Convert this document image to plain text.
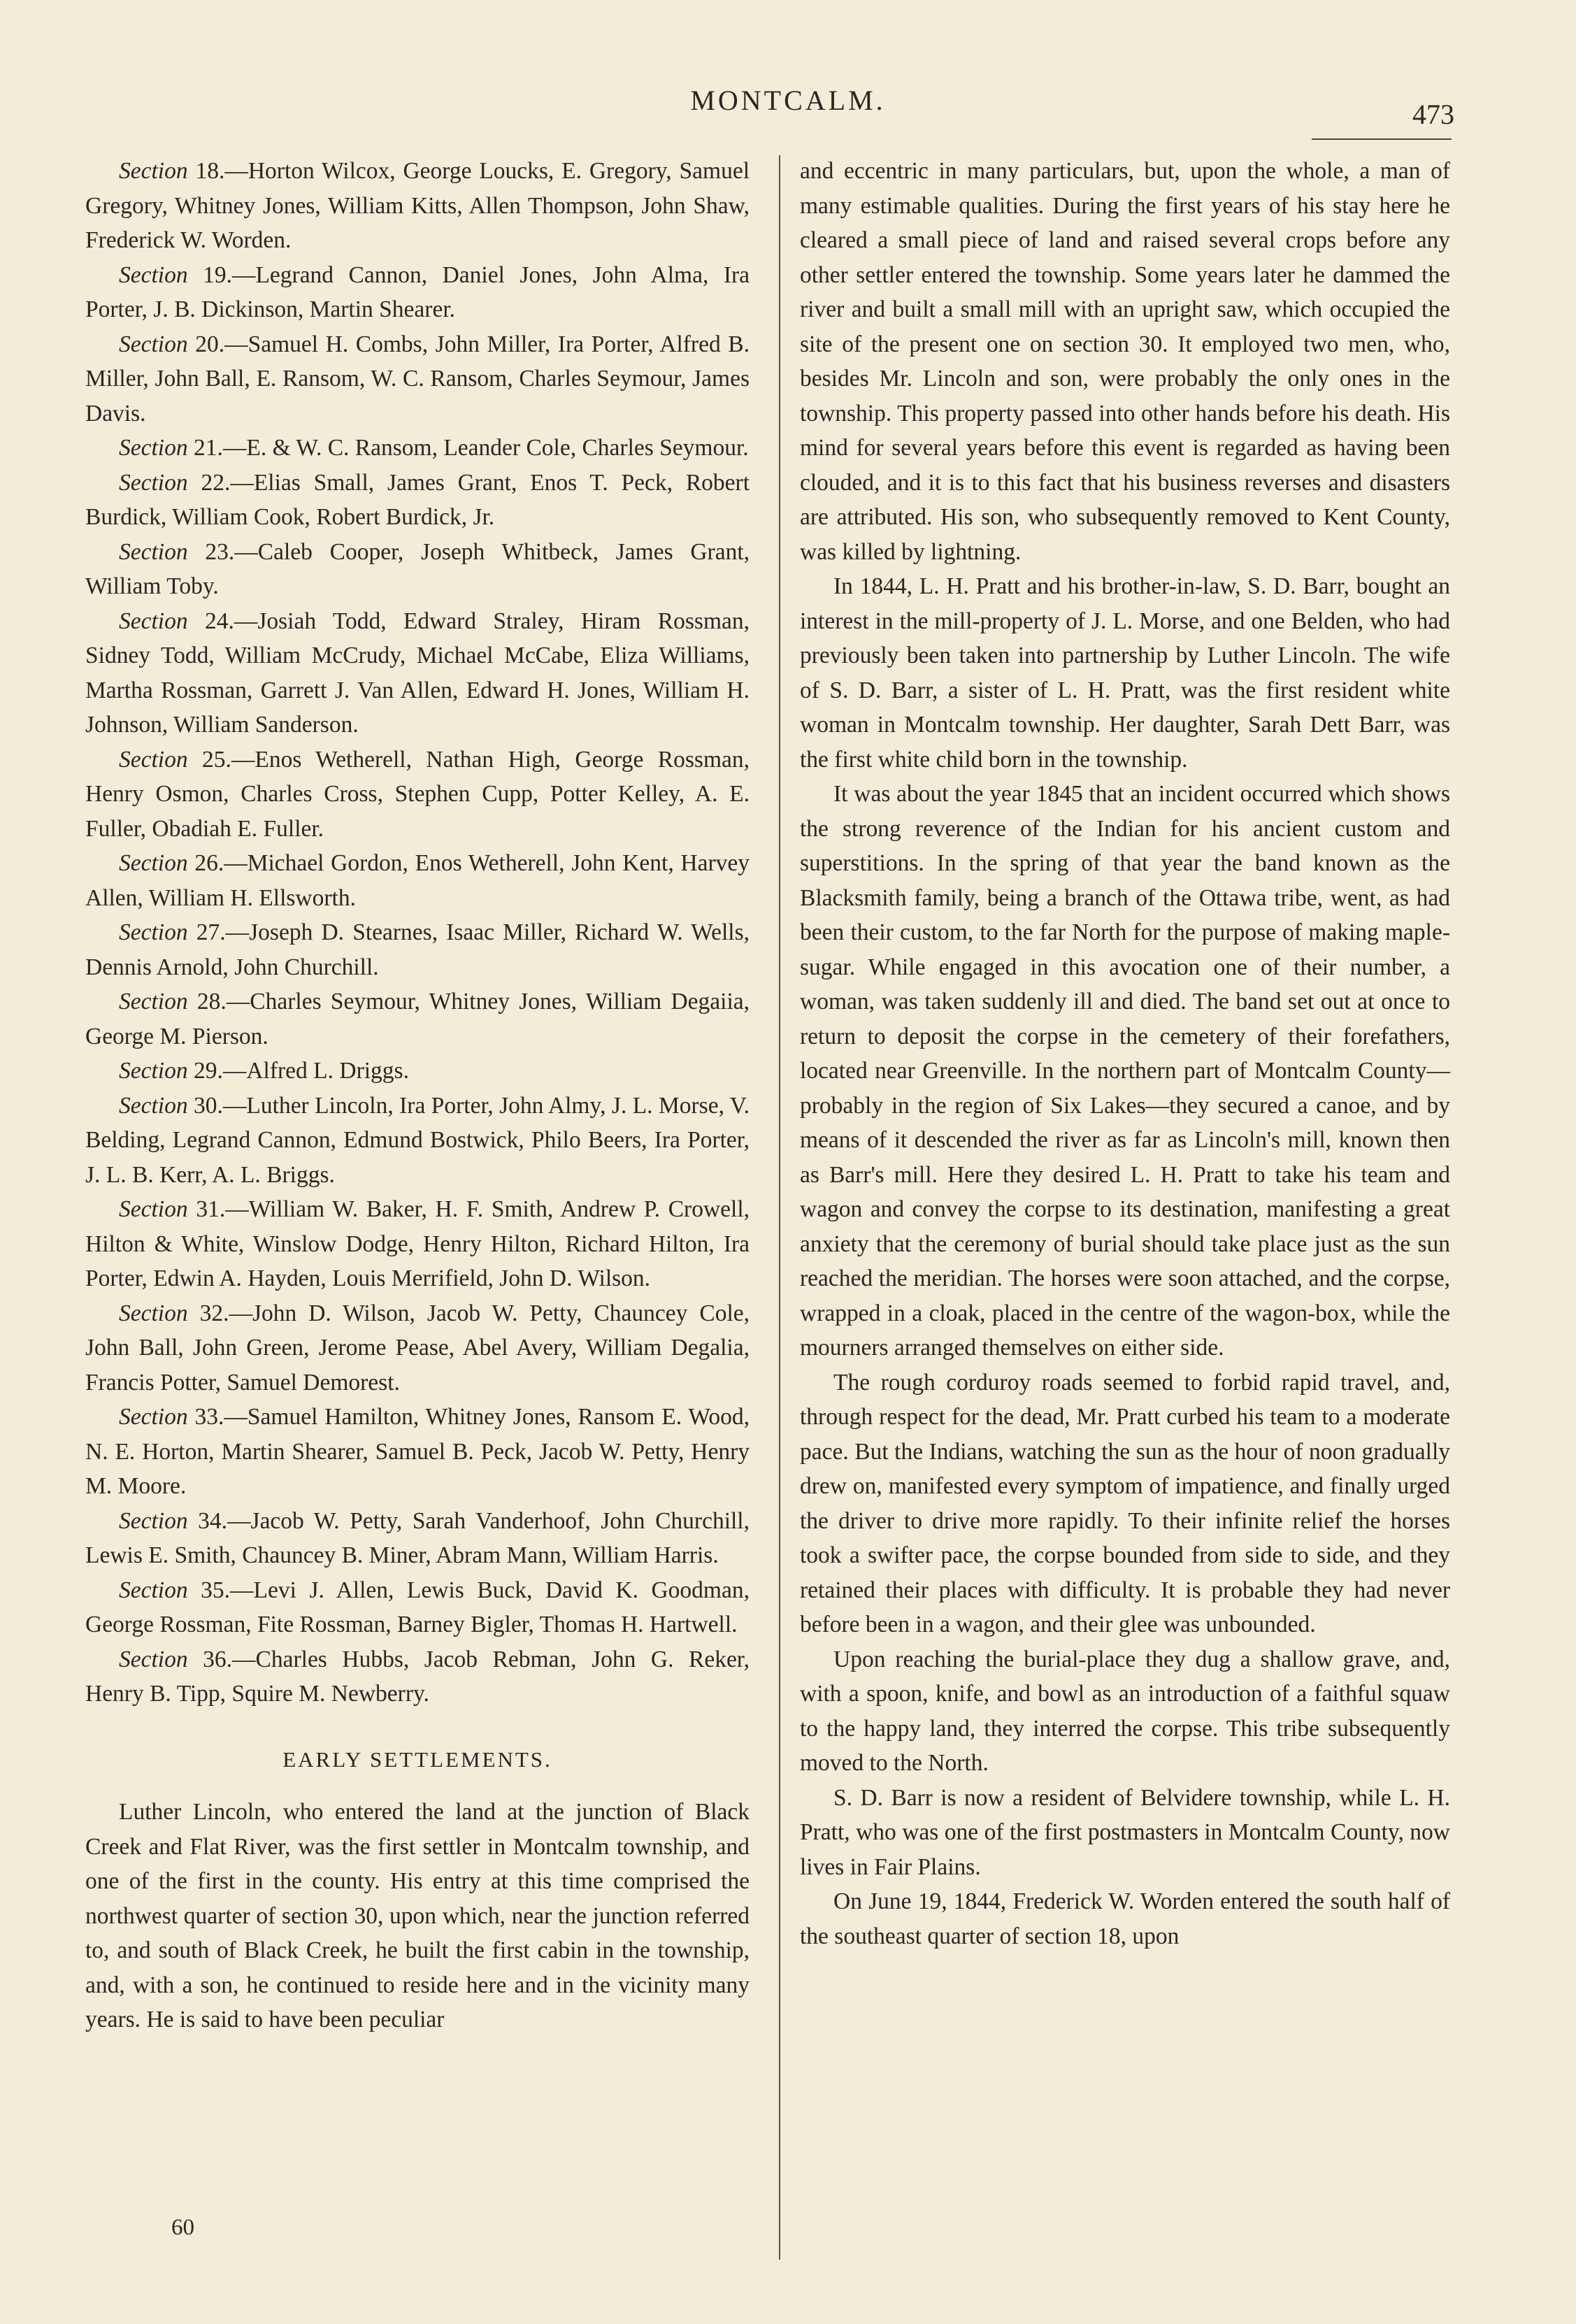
MONTCALM.	473

Section 18.—Horton Wilcox, George Loucks, E. Gregory, Samuel Gregory, Whitney Jones, William Kitts, Allen Thompson, John Shaw, Frederick W. Worden.

Section 19.—Legrand Cannon, Daniel Jones, John Alma, Ira Porter, J. B. Dickinson, Martin Shearer.

Section 20.—Samuel H. Combs, John Miller, Ira Porter, Alfred B. Miller, John Ball, E. Ransom, W. C. Ransom, Charles Seymour, James Davis.

Section 21.—E. & W. C. Ransom, Leander Cole, Charles Seymour.

Section 22.—Elias Small, James Grant, Enos T. Peck, Robert Burdick, William Cook, Robert Burdick, Jr.

Section 23.—Caleb Cooper, Joseph Whitbeck, James Grant, William Toby.

Section 24.—Josiah Todd, Edward Straley, Hiram Rossman, Sidney Todd, William McCrudy, Michael McCabe, Eliza Williams, Martha Rossman, Garrett J. Van Allen, Edward H. Jones, William H. Johnson, William Sanderson.

Section 25.—Enos Wetherell, Nathan High, George Rossman, Henry Osmon, Charles Cross, Stephen Cupp, Potter Kelley, A. E. Fuller, Obadiah E. Fuller.

Section 26.—Michael Gordon, Enos Wetherell, John Kent, Harvey Allen, William H. Ellsworth.

Section 27.—Joseph D. Stearnes, Isaac Miller, Richard W. Wells, Dennis Arnold, John Churchill.

Section 28.—Charles Seymour, Whitney Jones, William Degaiia, George M. Pierson.

Section 29.—Alfred L. Driggs.

Section 30.—Luther Lincoln, Ira Porter, John Almy, J. L. Morse, V. Belding, Legrand Cannon, Edmund Bostwick, Philo Beers, Ira Porter, J. L. B. Kerr, A. L. Briggs.

Section 31.—William W. Baker, H. F. Smith, Andrew P. Crowell, Hilton & White, Winslow Dodge, Henry Hilton, Richard Hilton, Ira Porter, Edwin A. Hayden, Louis Merrifield, John D. Wilson.

Section 32.—John D. Wilson, Jacob W. Petty, Chauncey Cole, John Ball, John Green, Jerome Pease, Abel Avery, William Degalia, Francis Potter, Samuel Demorest.

Section 33.—Samuel Hamilton, Whitney Jones, Ransom E. Wood, N. E. Horton, Martin Shearer, Samuel B. Peck, Jacob W. Petty, Henry M. Moore.

Section 34.—Jacob W. Petty, Sarah Vanderhoof, John Churchill, Lewis E. Smith, Chauncey B. Miner, Abram Mann, William Harris.

Section 35.—Levi J. Allen, Lewis Buck, David K. Goodman, George Rossman, Fite Rossman, Barney Bigler, Thomas H. Hartwell.

Section 36.—Charles Hubbs, Jacob Rebman, John G. Reker, Henry B. Tipp, Squire M. Newberry.

EARLY SETTLEMENTS.

Luther Lincoln, who entered the land at the junction of Black Creek and Flat River, was the first settler in Montcalm township, and one of the first in the county. His entry at this time comprised the northwest quarter of section 30, upon which, near the junction referred to, and south of Black Creek, he built the first cabin in the township, and, with a son, he continued to reside here and in the vicinity many years. He is said to have been peculiar

and eccentric in many particulars, but, upon the whole, a man of many estimable qualities. During the first years of his stay here he cleared a small piece of land and raised several crops before any other settler entered the township. Some years later he dammed the river and built a small mill with an upright saw, which occupied the site of the present one on section 30. It employed two men, who, besides Mr. Lincoln and son, were probably the only ones in the township. This property passed into other hands before his death. His mind for several years before this event is regarded as having been clouded, and it is to this fact that his business reverses and disasters are attributed. His son, who subsequently removed to Kent County, was killed by lightning.

In 1844, L. H. Pratt and his brother-in-law, S. D. Barr, bought an interest in the mill-property of J. L. Morse, and one Belden, who had previously been taken into partnership by Luther Lincoln. The wife of S. D. Barr, a sister of L. H. Pratt, was the first resident white woman in Montcalm township. Her daughter, Sarah Dett Barr, was the first white child born in the township.

It was about the year 1845 that an incident occurred which shows the strong reverence of the Indian for his ancient custom and superstitions. In the spring of that year the band known as the Blacksmith family, being a branch of the Ottawa tribe, went, as had been their custom, to the far North for the purpose of making maple-sugar. While engaged in this avocation one of their number, a woman, was taken suddenly ill and died. The band set out at once to return to deposit the corpse in the cemetery of their forefathers, located near Greenville. In the northern part of Montcalm County—probably in the region of Six Lakes—they secured a canoe, and by means of it descended the river as far as Lincoln's mill, known then as Barr's mill. Here they desired L. H. Pratt to take his team and wagon and convey the corpse to its destination, manifesting a great anxiety that the ceremony of burial should take place just as the sun reached the meridian. The horses were soon attached, and the corpse, wrapped in a cloak, placed in the centre of the wagon-box, while the mourners arranged themselves on either side.

The rough corduroy roads seemed to forbid rapid travel, and, through respect for the dead, Mr. Pratt curbed his team to a moderate pace. But the Indians, watching the sun as the hour of noon gradually drew on, manifested every symptom of impatience, and finally urged the driver to drive more rapidly. To their infinite relief the horses took a swifter pace, the corpse bounded from side to side, and they retained their places with difficulty. It is probable they had never before been in a wagon, and their glee was unbounded.

Upon reaching the burial-place they dug a shallow grave, and, with a spoon, knife, and bowl as an introduction of a faithful squaw to the happy land, they interred the corpse. This tribe subsequently moved to the North.

S. D. Barr is now a resident of Belvidere township, while L. H. Pratt, who was one of the first postmasters in Montcalm County, now lives in Fair Plains.

On June 19, 1844, Frederick W. Worden entered the south half of the southeast quarter of section 18, upon

60
